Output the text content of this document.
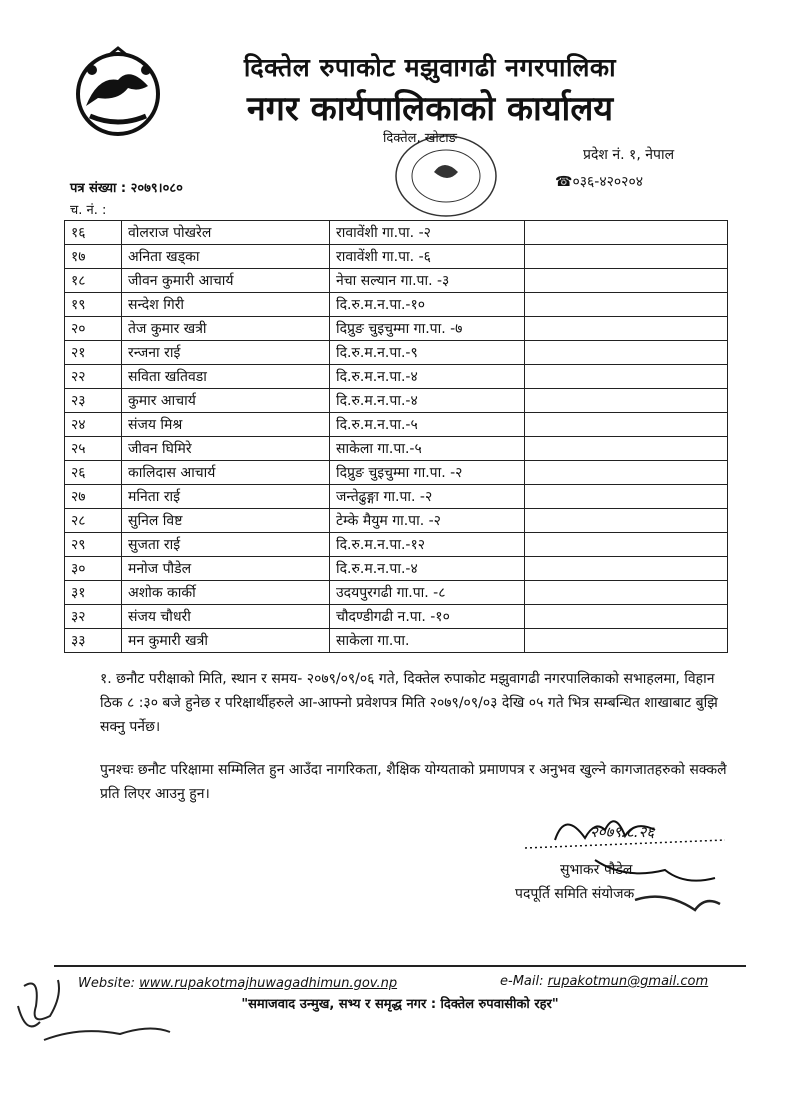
दिक्तेल रुपाकोट मझुवागढी नगरपालिका
नगर कार्यपालिकाको कार्यालय
दिक्तेल, खोटाङ
प्रदेश नं. १, नेपाल
☎०३६-४२०२०४
पत्र संख्या : २०७९।०८०
च. नं. :
१६	वोलराज पोखरेल	रावावेंशी गा.पा. -२	
१७	अनिता खड्का	रावावेंशी गा.पा. -६	
१८	जीवन कुमारी आचार्य	नेचा सल्यान गा.पा. -३	
१९	सन्देश गिरी	दि.रु.म.न.पा.-१०	
२०	तेज कुमार खत्री	दिप्रुङ चुइचुम्मा गा.पा. -७	
२१	रन्जना राई	दि.रु.म.न.पा.-९	
२२	सविता खतिवडा	दि.रु.म.न.पा.-४	
२३	कुमार आचार्य	दि.रु.म.न.पा.-४	
२४	संजय मिश्र	दि.रु.म.न.पा.-५	
२५	जीवन घिमिरे	साकेला गा.पा.-५	
२६	कालिदास आचार्य	दिप्रुङ चुइचुम्मा गा.पा. -२	
२७	मनिता राई	जन्तेढुङ्गा गा.पा. -२	
२८	सुनिल विष्ट	टेम्के मैयुम गा.पा. -२	
२९	सुजता राई	दि.रु.म.न.पा.-१२	
३०	मनोज पौडेल	दि.रु.म.न.पा.-४	
३१	अशोक कार्की	उदयपुरगढी गा.पा. -८	
३२	संजय चौधरी	चौदण्डीगढी न.पा. -१०	
३३	मन कुमारी खत्री	साकेला गा.पा.	
१. छनौट परीक्षाको मिति, स्थान र समय- २०७९/०९/०६ गते, दिक्तेल रुपाकोट मझुवागढी नगरपालिकाको सभाहलमा, विहान ठिक ८ :३० बजे हुनेछ र परिक्षार्थीहरुले आ-आफ्नो प्रवेशपत्र मिति २०७९/०९/०३ देखि ०५ गते भित्र सम्बन्धित शाखाबाट बुझि सक्नु पर्नेछ।
पुनश्चः छनौट परिक्षामा सम्मिलित हुन आउँदा नागरिकता, शैक्षिक योग्यताको प्रमाणपत्र र अनुभव खुल्ने कागजातहरुको सक्कलै प्रति लिएर आउनु हुन।
२०७९.८.२६
सुभाकर पौडेल
पदपूर्ति समिति संयोजक
Website: www.rupakotmajhuwagadhimun.gov.np	e-Mail: rupakotmun@gmail.com
"समाजवाद उन्मुख, सभ्य र समृद्ध नगर : दिक्तेल रुपवासीको रहर"
